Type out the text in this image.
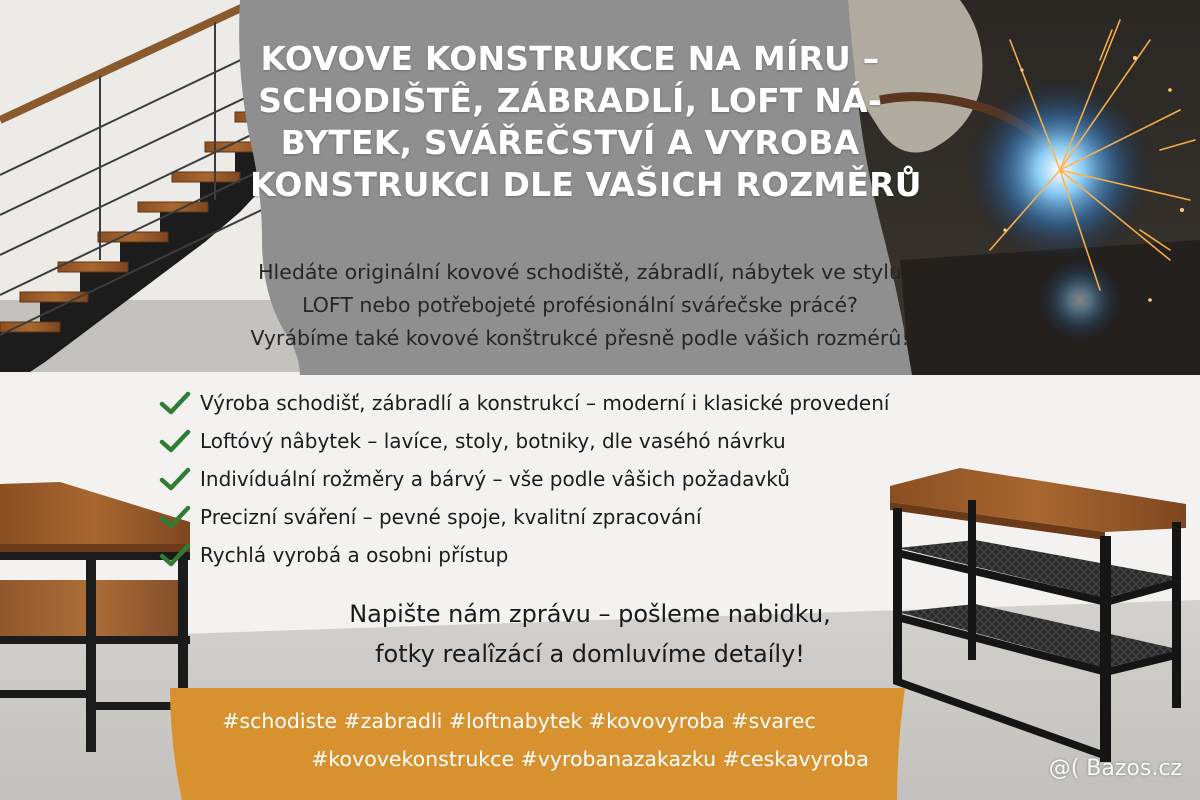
KOVOVE KONSTRUKCE NA MÍRU –
SCHODIŠTÊ, ZÁBRADLÍ, LOFT NÁ-
BYTEK, SVÁŘEČSTVÍ A VYROBA
KONSTRUKCI DLE VAŠICH ROZMĚRŮ
Hledáte originální kovové schodiště, zábradlí, nábytek ve stylu
LOFT nebo potřebojeté profésionální sváŕečske prácé?
Vyrábíme také kovové konštrukcé přesně podle vášich rozmérû!
Výroba schodišť, zábradlí a konstrukcí – moderní i klasické provedení
Loftóvý nâbytek – lavíce, stoly, botniky, dle vaséhó návrku
Indivíduální rožměry a bárvý – vše podle vâšich požadavků
Precizní sváření – pevné spoje, kvalitní zpracování
Rychlá vyrobá a osobni přístup
Napište nám zprávu – pošleme nabidku,
fotky realîzácí a domluvíme detaíly!
#schodiste #zabradli #loftnabytek #kovovyroba #svarec
#kovovekonstrukce #vyrobanazakazku #ceskavyroba	@( Bazos.cz
